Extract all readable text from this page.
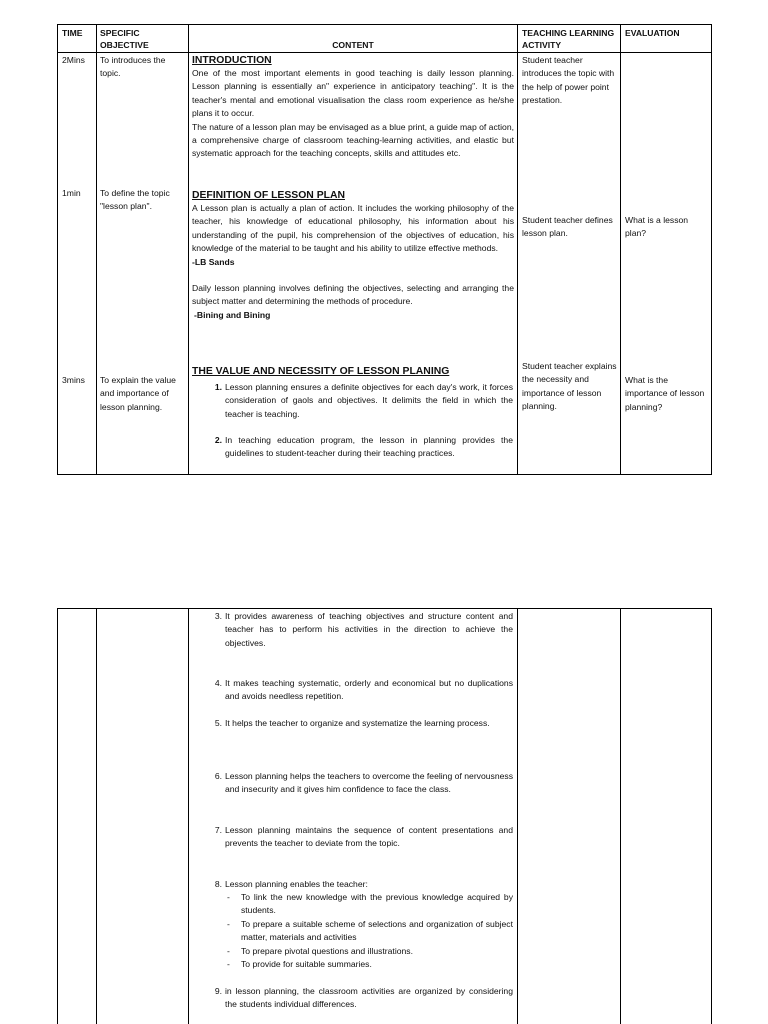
TIME SPECIFIC OBJECTIVE	CONTENT
TEACHING LEARNING ACTIVITY
EVALUATION
2Mins To introduces the topic.
INTRODUCTION
One of the most important elements in good teaching is daily lesson planning. Lesson planning is essentially an" experience in anticipatory teaching". It is the teacher's mental and emotional visualisation the class room experience as he/she plans it to occur.
The nature of a lesson plan may be envisaged as a blue print, a guide map of action, a comprehensive charge of classroom teaching-learning activities, and elastic but systematic approach for the teaching concepts, skills and attitudes etc.
Student teacher introduces the topic with the help of power point prestation.
1min To define the topic "lesson plan".
DEFINITION OF LESSON PLAN
A Lesson plan is actually a plan of action. It includes the working philosophy of the teacher, his knowledge of educational philosophy, his information about his understanding of the pupil, his comprehension of the objectives of education, his knowledge of the material to be taught and his ability to utilize effective methods.
-LB Sands
Daily lesson planning involves defining the objectives, selecting and arranging the subject matter and determining the methods of procedure.
-Bining and Bining
Student teacher defines lesson plan.
What is a lesson plan?
3mins To explain the value and importance of lesson planning.
THE VALUE AND NECESSITY OF LESSON PLANING
1. Lesson planning ensures a definite objectives for each day's work, it forces consideration of gaols and objectives. It delimits the field in which the teacher is teaching.
2. In teaching education program, the lesson in planning provides the guidelines to student-teacher during their teaching practices.
Student teacher explains the necessity and importance of lesson planning.
What is the importance of lesson planning?
3. It provides awareness of teaching objectives and structure content and teacher has to perform his activities in the direction to achieve the objectives.
4. It makes teaching systematic, orderly and economical but no duplications and avoids needless repetition.
5. It helps the teacher to organize and systematize the learning process.
6. Lesson planning helps the teachers to overcome the feeling of nervousness and insecurity and it gives him confidence to face the class.
7. Lesson planning maintains the sequence of content presentations and prevents the teacher to deviate from the topic.
8. Lesson planning enables the teacher:
- To link the new knowledge with the previous knowledge acquired by students.
- To prepare a suitable scheme of selections and organization of subject matter, materials and activities
- To prepare pivotal questions and illustrations.
- To provide for suitable summaries.
9. in lesson planning, the classroom activities are organized by considering the students individual differences.
